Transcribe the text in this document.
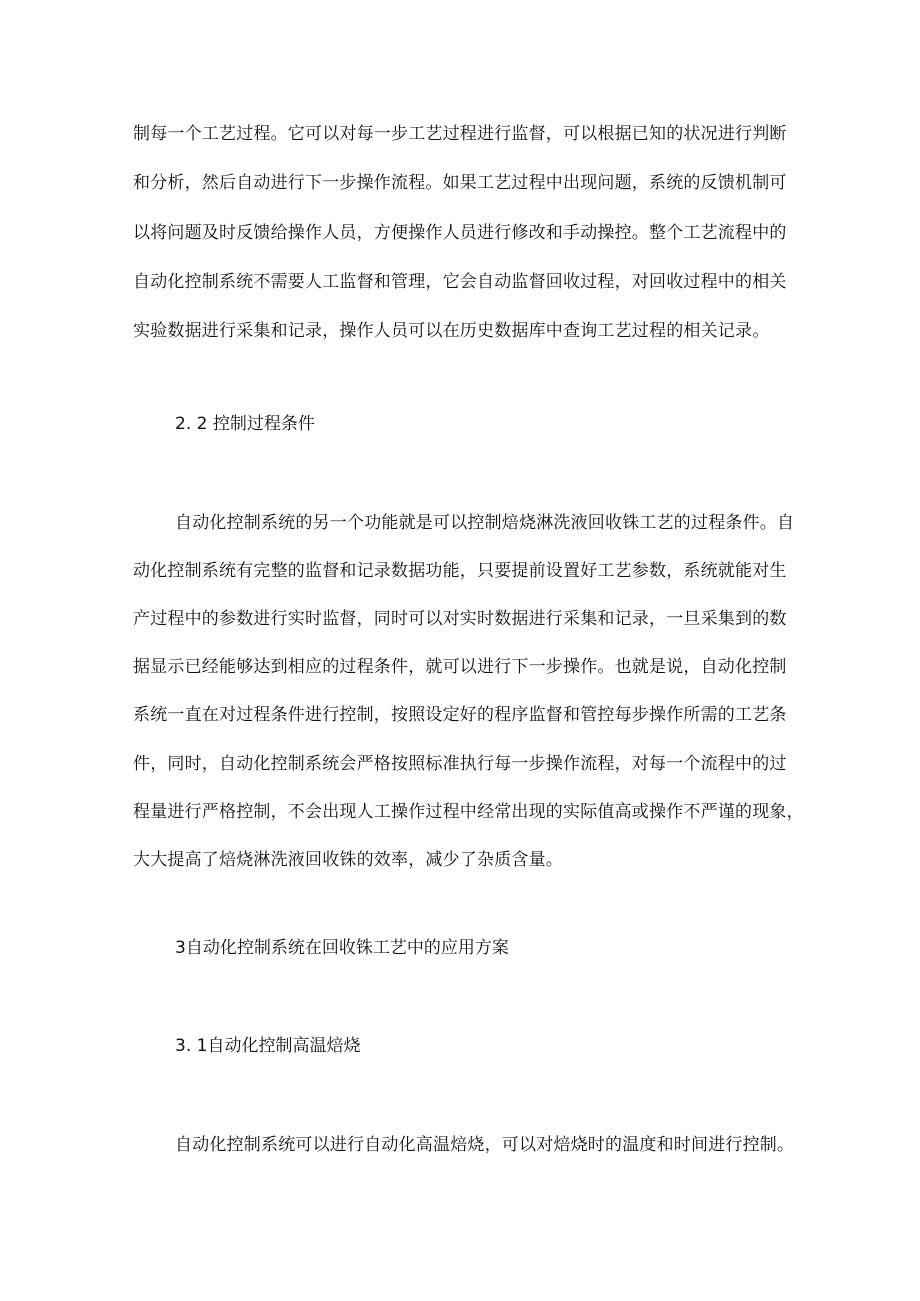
制每一个工艺过程。它可以对每一步工艺过程进行监督，可以根据已知的状况进行判断
和分析，然后自动进行下一步操作流程。如果工艺过程中出现问题，系统的反馈机制可
以将问题及时反馈给操作人员，方便操作人员进行修改和手动操控。整个工艺流程中的
自动化控制系统不需要人工监督和管理，它会自动监督回收过程，对回收过程中的相关
实验数据进行采集和记录，操作人员可以在历史数据库中查询工艺过程的相关记录。
2. 2 控制过程条件
自动化控制系统的另一个功能就是可以控制焙烧淋洗液回收铢工艺的过程条件。自
动化控制系统有完整的监督和记录数据功能，只要提前设置好工艺参数，系统就能对生
产过程中的参数进行实时监督，同时可以对实时数据进行采集和记录，一旦采集到的数
据显示已经能够达到相应的过程条件，就可以进行下一步操作。也就是说，自动化控制
系统一直在对过程条件进行控制，按照设定好的程序监督和管控每步操作所需的工艺条
件，同时，自动化控制系统会严格按照标准执行每一步操作流程，对每一个流程中的过
程量进行严格控制，不会出现人工操作过程中经常出现的实际值高或操作不严谨的现象，
大大提高了焙烧淋洗液回收铢的效率，减少了杂质含量。
3自动化控制系统在回收铢工艺中的应用方案
3. 1自动化控制高温焙烧
自动化控制系统可以进行自动化高温焙烧，可以对焙烧时的温度和时间进行控制。
